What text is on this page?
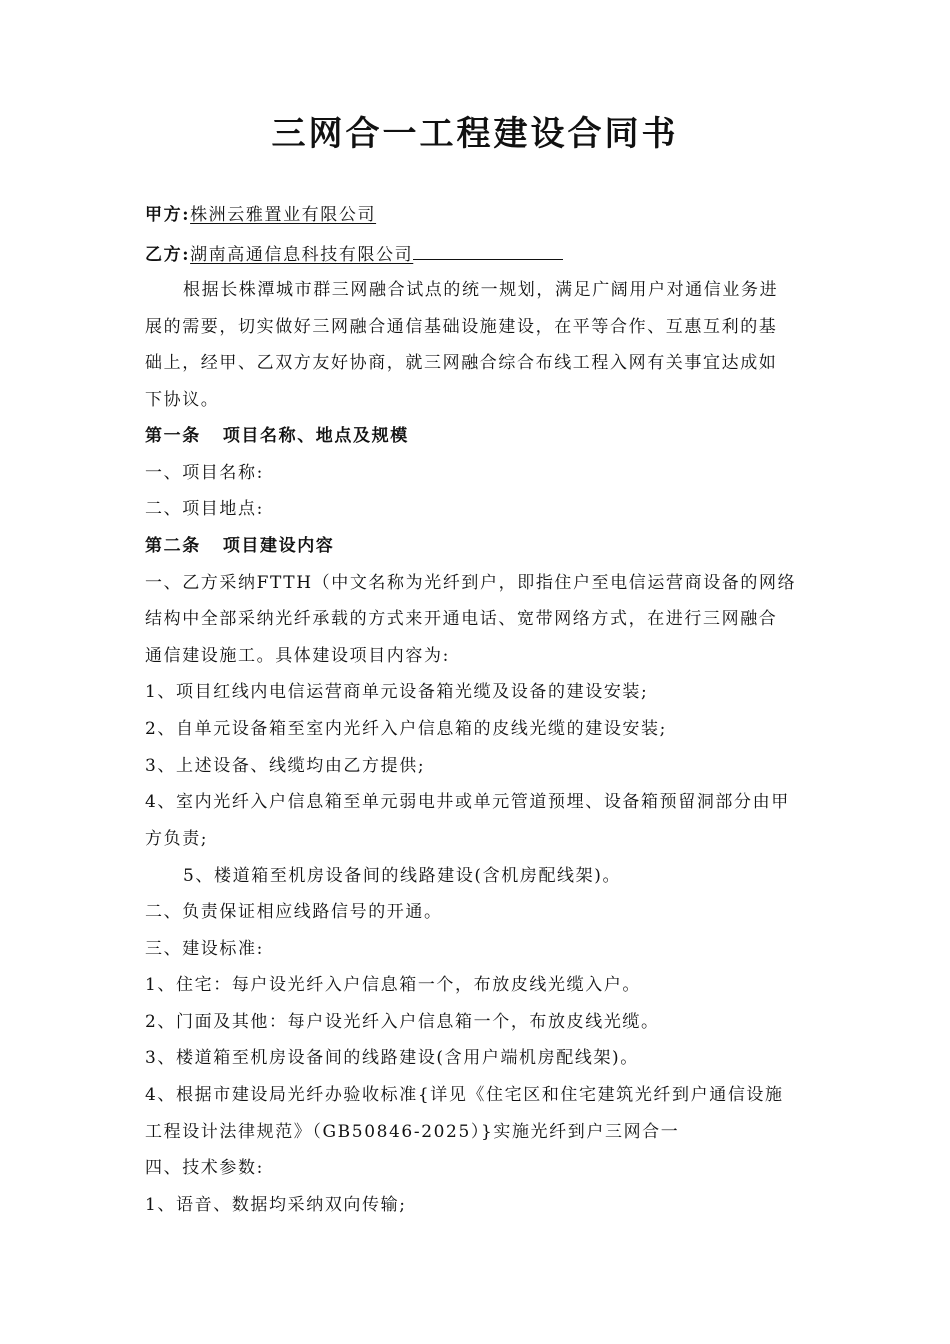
三网合一工程建设合同书
甲方:株洲云雅置业有限公司
乙方:湖南高通信息科技有限公司
根据长株潭城市群三网融合试点的统一规划，满足广阔用户对通信业务进
展的需要，切实做好三网融合通信基础设施建设，在平等合作、互惠互利的基
础上，经甲、乙双方友好协商，就三网融合综合布线工程入网有关事宜达成如
下协议。
第一条 项目名称、地点及规模
一、项目名称:
二、项目地点:
第二条 项目建设内容
一、乙方采纳FTTH（中文名称为光纤到户，即指住户至电信运营商设备的网络
结构中全部采纳光纤承载的方式来开通电话、宽带网络方式，在进行三网融合
通信建设施工。具体建设项目内容为:
1、项目红线内电信运营商单元设备箱光缆及设备的建设安装;
2、自单元设备箱至室内光纤入户信息箱的皮线光缆的建设安装;
3、上述设备、线缆均由乙方提供;
4、室内光纤入户信息箱至单元弱电井或单元管道预埋、设备箱预留洞部分由甲
方负责;
5、楼道箱至机房设备间的线路建设(含机房配线架)。
二、负责保证相应线路信号的开通。
三、建设标准:
1、住宅：每户设光纤入户信息箱一个，布放皮线光缆入户。
2、门面及其他：每户设光纤入户信息箱一个，布放皮线光缆。
3、楼道箱至机房设备间的线路建设(含用户端机房配线架)。
4、根据市建设局光纤办验收标准{详见《住宅区和住宅建筑光纤到户通信设施
工程设计法律规范》（GB50846-2025）}实施光纤到户三网合一
四、技术参数:
1、语音、数据均采纳双向传输;
